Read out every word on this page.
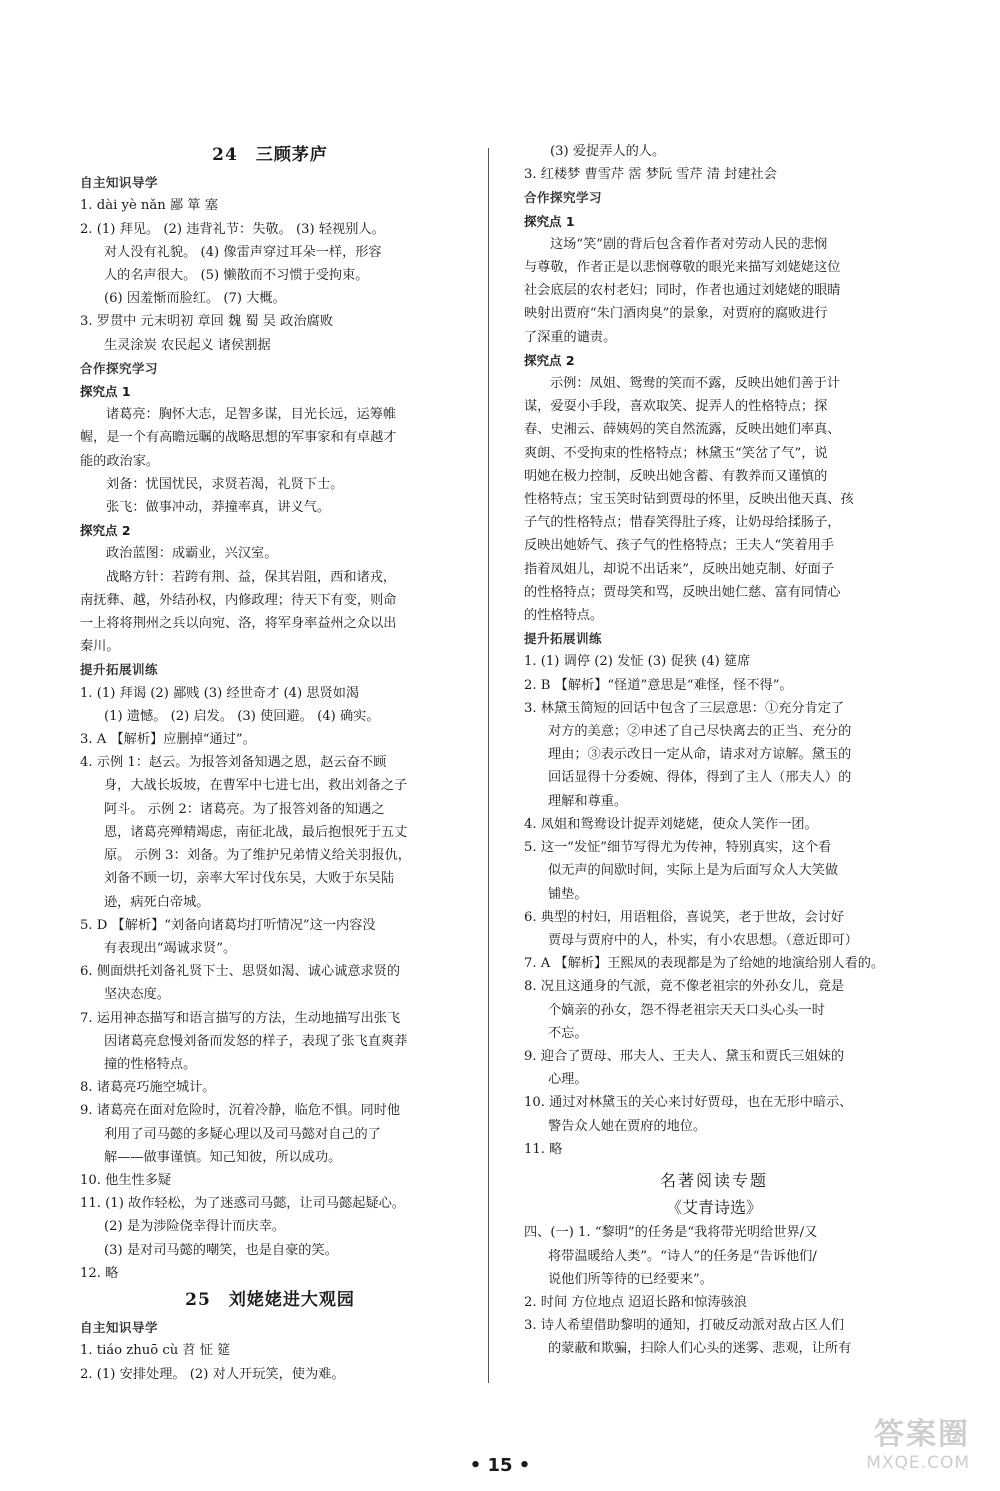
24　三顾茅庐
自主知识导学
1. dài yè nǎn 鄙 箪 塞
2. (1) 拜见。 (2) 违背礼节：失敬。 (3) 轻视别人。
对人没有礼貌。 (4) 像雷声穿过耳朵一样，形容
人的名声很大。 (5) 懒散而不习惯于受拘束。
(6) 因羞惭而脸红。 (7) 大概。
3. 罗贯中 元末明初 章回 魏 蜀 吴 政治腐败
生灵涂炭 农民起义 诸侯割据
合作探究学习
探究点 1
诸葛亮：胸怀大志，足智多谋，目光长远，运筹帷
幄，是一个有高瞻远瞩的战略思想的军事家和有卓越才
能的政治家。
刘备：忧国忧民，求贤若渴，礼贤下士。
张飞：做事冲动，莽撞率真，讲义气。
探究点 2
政治蓝图：成霸业，兴汉室。
战略方针：若跨有荆、益，保其岩阻，西和诸戎，
南抚彝、越，外结孙权，内修政理；待天下有变，则命
一上将将荆州之兵以向宛、洛，将军身率益州之众以出
秦川。
提升拓展训练
1. (1) 拜谒 (2) 鄙贱 (3) 经世奇才 (4) 思贤如渴
(1) 遗憾。 (2) 启发。 (3) 使回避。 (4) 确实。
3. A 【解析】应删掉“通过”。
4. 示例 1：赵云。为报答刘备知遇之恩，赵云奋不顾
身，大战长坂坡，在曹军中七进七出，救出刘备之子
阿斗。 示例 2：诸葛亮。为了报答刘备的知遇之
恩，诸葛亮殚精竭虑，南征北战，最后抱恨死于五丈
原。 示例 3：刘备。为了维护兄弟情义给关羽报仇，
刘备不顾一切，亲率大军讨伐东吴，大败于东吴陆
逊，病死白帝城。
5. D 【解析】“刘备向诸葛均打听情况”这一内容没
有表现出“竭诚求贤”。
6. 侧面烘托刘备礼贤下士、思贤如渴、诚心诚意求贤的
坚决态度。
7. 运用神态描写和语言描写的方法，生动地描写出张飞
因诸葛亮怠慢刘备而发怒的样子，表现了张飞直爽莽
撞的性格特点。
8. 诸葛亮巧施空城计。
9. 诸葛亮在面对危险时，沉着冷静，临危不惧。同时他
利用了司马懿的多疑心理以及司马懿对自己的了
解——做事谨慎。知己知彼，所以成功。
10. 他生性多疑
11. (1) 故作轻松，为了迷惑司马懿，让司马懿起疑心。
(2) 是为涉险侥幸得计而庆幸。
(3) 是对司马懿的嘲笑，也是自豪的笑。
12. 略
25　刘姥姥进大观园
自主知识导学
1. tiáo zhuō cù 苕 怔 筵
2. (1) 安排处理。 (2) 对人开玩笑，使为难。
(3) 爱捉弄人的人。
3. 红楼梦 曹雪芹 霑 梦阮 雪芹 清 封建社会
合作探究学习
探究点 1
这场“笑”剧的背后包含着作者对劳动人民的悲悯
与尊敬，作者正是以悲悯尊敬的眼光来描写刘姥姥这位
社会底层的农村老妇；同时，作者也通过刘姥姥的眼睛
映射出贾府“朱门酒肉臭”的景象，对贾府的腐败进行
了深重的谴责。
探究点 2
示例：凤姐、鸳鸯的笑而不露，反映出她们善于计
谋，爱耍小手段，喜欢取笑、捉弄人的性格特点；探
春、史湘云、薛姨妈的笑自然流露，反映出她们率真、
爽朗、不受拘束的性格特点；林黛玉“笑岔了气”，说
明她在极力控制，反映出她含蓄、有教养而又谨慎的
性格特点；宝玉笑时钻到贾母的怀里，反映出他天真、孩
子气的性格特点；惜春笑得肚子疼，让奶母给揉肠子，
反映出她娇气、孩子气的性格特点；王夫人“笑着用手
指着凤姐儿，却说不出话来”，反映出她克制、好面子
的性格特点；贾母笑和骂，反映出她仁慈、富有同情心
的性格特点。
提升拓展训练
1. (1) 调停 (2) 发怔 (3) 促狭 (4) 筵席
2. B 【解析】“怪道”意思是“难怪，怪不得”。
3. 林黛玉简短的回话中包含了三层意思：①充分肯定了
对方的美意；②申述了自己尽快离去的正当、充分的
理由；③表示改日一定从命，请求对方谅解。黛玉的
回话显得十分委婉、得体，得到了主人（邢夫人）的
理解和尊重。
4. 凤姐和鸳鸯设计捉弄刘姥姥，使众人笑作一团。
5. 这一“发怔”细节写得尤为传神，特别真实，这个看
似无声的间歇时间，实际上是为后面写众人大笑做
铺垫。
6. 典型的村妇，用语粗俗，喜说笑，老于世故，会讨好
贾母与贾府中的人，朴实，有小农思想。（意近即可）
7. A 【解析】王熙凤的表现都是为了给她的地演给别人看的。
8. 况且这通身的气派，竟不像老祖宗的外孙女儿，竟是
个嫡亲的孙女，怨不得老祖宗天天口头心头一时
不忘。
9. 迎合了贾母、邢夫人、王夫人、黛玉和贾氏三姐妹的
心理。
10. 通过对林黛玉的关心来讨好贾母，也在无形中暗示、
警告众人她在贾府的地位。
11. 略
名著阅读专题
《艾青诗选》
四、(一) 1. “黎明”的任务是“我将带光明给世界/又
将带温暖给人类”。“诗人”的任务是“告诉他们/
说他们所等待的已经要来”。
2. 时间 方位地点 迢迢长路和惊涛骇浪
3. 诗人希望借助黎明的通知，打破反动派对敌占区人们
的蒙蔽和欺骗，扫除人们心头的迷雾、悲观，让所有
• 15 •
答案圈
MXQE.COM
